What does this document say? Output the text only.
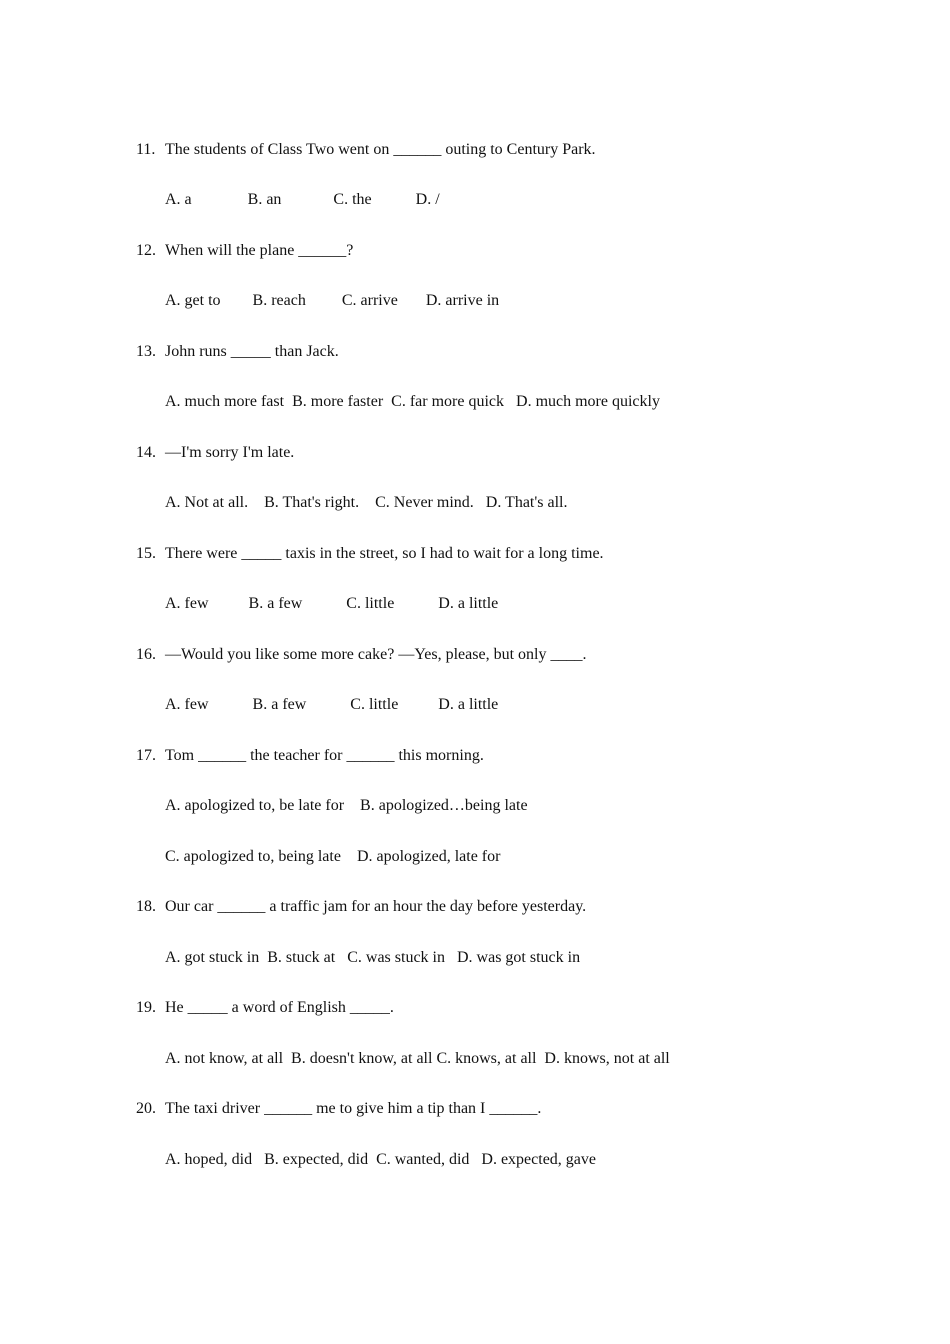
11. The students of Class Two went on ______ outing to Century Park.
A. a              B. an             C. the           D. /
12. When will the plane ______?
A. get to        B. reach         C. arrive       D. arrive in
13. John runs _____ than Jack.
A. much more fast  B. more faster  C. far more quick   D. much more quickly
14. —I'm sorry I'm late.
A. Not at all.    B. That's right.    C. Never mind.   D. That's all.
15. There were _____ taxis in the street, so I had to wait for a long time.
A. few          B. a few           C. little           D. a little
16. —Would you like some more cake? —Yes, please, but only ____.
A. few           B. a few           C. little          D. a little
17. Tom ______ the teacher for ______ this morning.
A. apologized to, be late for    B. apologized…being late
C. apologized to, being late    D. apologized, late for
18. Our car ______ a traffic jam for an hour the day before yesterday.
A. got stuck in  B. stuck at   C. was stuck in   D. was got stuck in
19. He _____ a word of English _____.
A. not know, at all  B. doesn't know, at all C. knows, at all  D. knows, not at all
20. The taxi driver ______ me to give him a tip than I ______.
A. hoped, did   B. expected, did  C. wanted, did   D. expected, gave
